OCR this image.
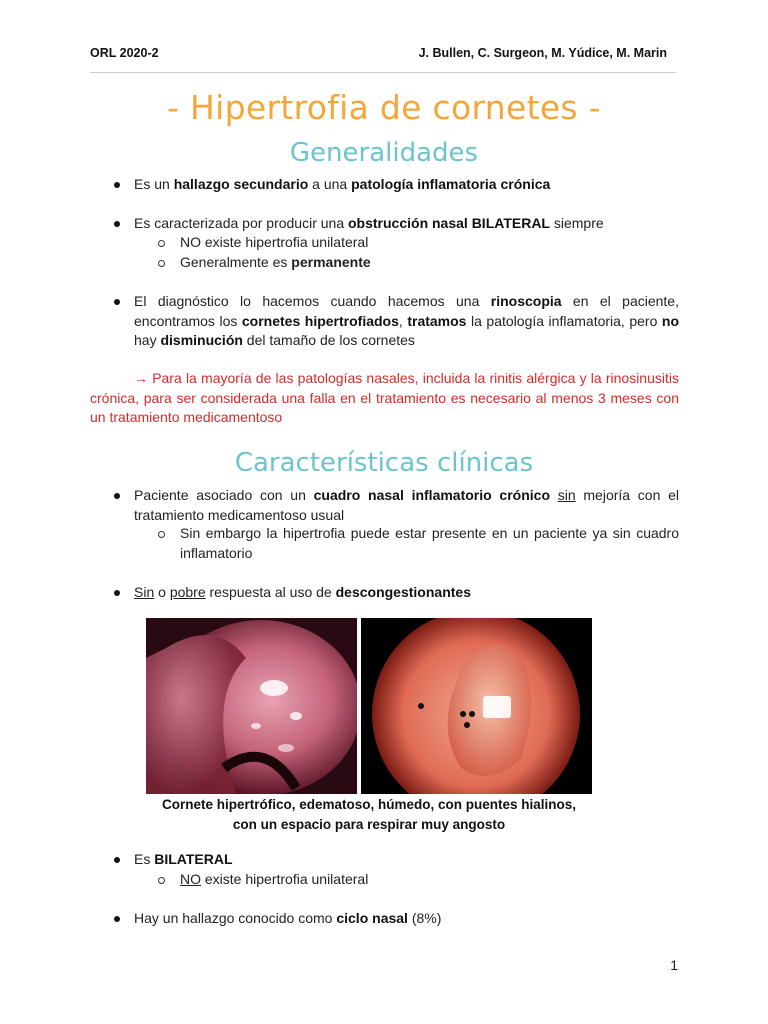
ORL 2020-2	J. Bullen, C. Surgeon, M. Yúdice, M. Marin
- Hipertrofia de cornetes -
Generalidades
Es un hallazgo secundario a una patología inflamatoria crónica
Es caracterizada por producir una obstrucción nasal BILATERAL siempre
NO existe hipertrofia unilateral
Generalmente es permanente
El diagnóstico lo hacemos cuando hacemos una rinoscopia en el paciente, encontramos los cornetes hipertrofiados, tratamos la patología inflamatoria, pero no hay disminución del tamaño de los cornetes
→ Para la mayoría de las patologías nasales, incluida la rinitis alérgica y la rinosinusitis crónica, para ser considerada una falla en el tratamiento es necesario al menos 3 meses con un tratamiento medicamentoso
Características clínicas
Paciente asociado con un cuadro nasal inflamatorio crónico sin mejoría con el tratamiento medicamentoso usual
Sin embargo la hipertrofia puede estar presente en un paciente ya sin cuadro inflamatorio
Sin o pobre respuesta al uso de descongestionantes
Cornete hipertrófico, edematoso, húmedo, con puentes hialinos,
con un espacio para respirar muy angosto
Es BILATERAL
NO existe hipertrofia unilateral
Hay un hallazgo conocido como ciclo nasal (8%)
1
